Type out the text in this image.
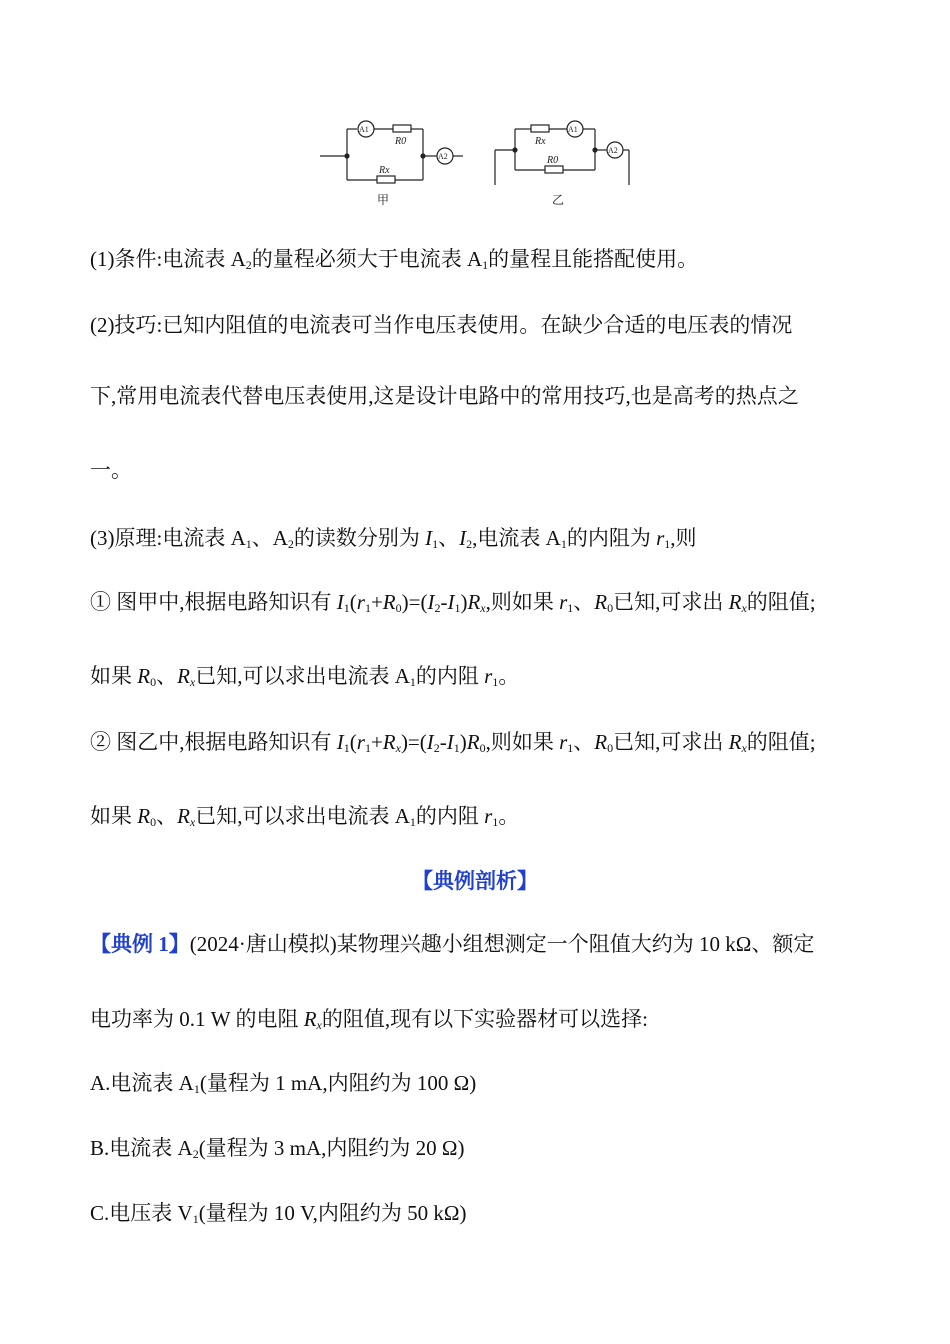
A1
R0
Rx
A2
甲
Rx
A1
R0
A2
乙
(1)条件:电流表 $A_2$的量程必须大于电流表 $A_1$的量程且能搭配使用。
(2)技巧:已知内阻值的电流表可当作电压表使用。在缺少合适的电压表的情况
下,常用电流表代替电压表使用,这是设计电路中的常用技巧,也是高考的热点之
一。
(3)原理:电流表 $A_1$、$A_2$的读数分别为 $I_1$、$I_2$,电流表 $A_1$的内阻为 $r_1$,则
① 图甲中,根据电路知识有 $I_1(r_1+R_0)=(I_2-I_1)R_x$,则如果 $r_1$、$R_0$已知,可求出 $R_x$的阻值;
如果 $R_0$、$R_x$已知,可以求出电流表 $A_1$的内阻 $r_1$。
② 图乙中,根据电路知识有 $I_1(r_1+R_x)=(I_2-I_1)R_0$,则如果 $r_1$、$R_0$已知,可求出 $R_x$的阻值;
如果 $R_0$、$R_x$已知,可以求出电流表 $A_1$的内阻 $r_1$。
【典例剖析】
【典例 1】(2024·唐山模拟)某物理兴趣小组想测定一个阻值大约为 10 kΩ、额定
电功率为 0.1 W 的电阻 $R_x$的阻值,现有以下实验器材可以选择:
A.电流表 $A_1$(量程为 1 mA,内阻约为 100 Ω)
B.电流表 $A_2$(量程为 3 mA,内阻约为 20 Ω)
C.电压表 $V_1$(量程为 10 V,内阻约为 50 kΩ)
